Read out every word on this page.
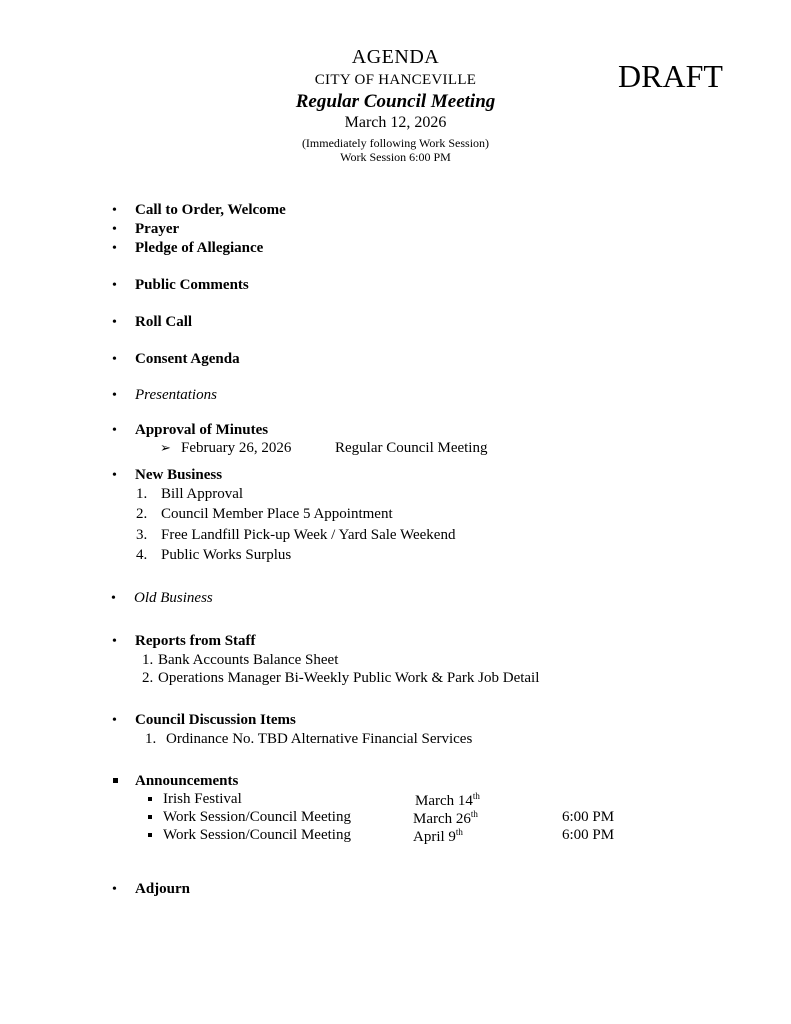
AGENDA
CITY OF HANCEVILLE
Regular Council Meeting
March 12, 2026
(Immediately following Work Session)
Work Session 6:00 PM
DRAFT
• Call to Order, Welcome
• Prayer
• Pledge of Allegiance
• Public Comments
• Roll Call
• Consent Agenda
• Presentations
• Approval of Minutes
➢ February 26, 2026	Regular Council Meeting
• New Business
1. Bill Approval
2. Council Member Place 5 Appointment
3. Free Landfill Pick-up Week / Yard Sale Weekend
4. Public Works Surplus
• Old Business
• Reports from Staff
1. Bank Accounts Balance Sheet
2. Operations Manager Bi-Weekly Public Work & Park Job Detail
• Council Discussion Items
1. Ordinance No. TBD Alternative Financial Services
Announcements
Irish Festival	March 14th
Work Session/Council Meeting	March 26th	6:00 PM
Work Session/Council Meeting	April 9th	6:00 PM
• Adjourn
